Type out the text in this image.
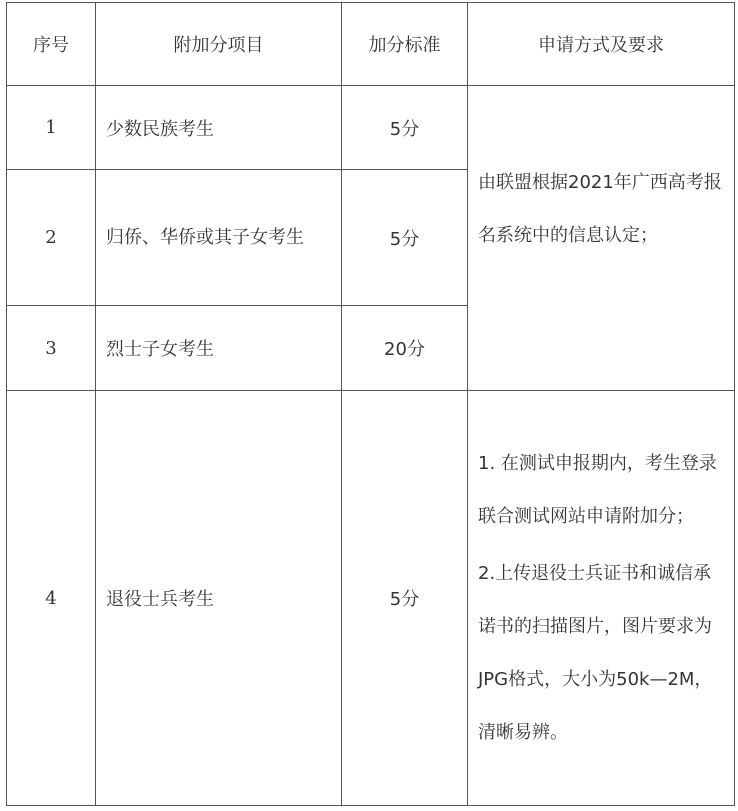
序号	附加分项目	加分标准	申请方式及要求
1	少数民族考生	5分	由联盟根据2021年广西高考报名系统中的信息认定；

2	归侨、华侨或其子女考生	5分	
3	烈士子女考生	20分	
4	退役士兵考生	5分	1. 在测试申报期内，考生登录联合测试网站申请附加分；
2.上传退役士兵证书和诚信承诺书的扫描图片，图片要求为JPG格式，大小为50k—2M，清晰易辨。
